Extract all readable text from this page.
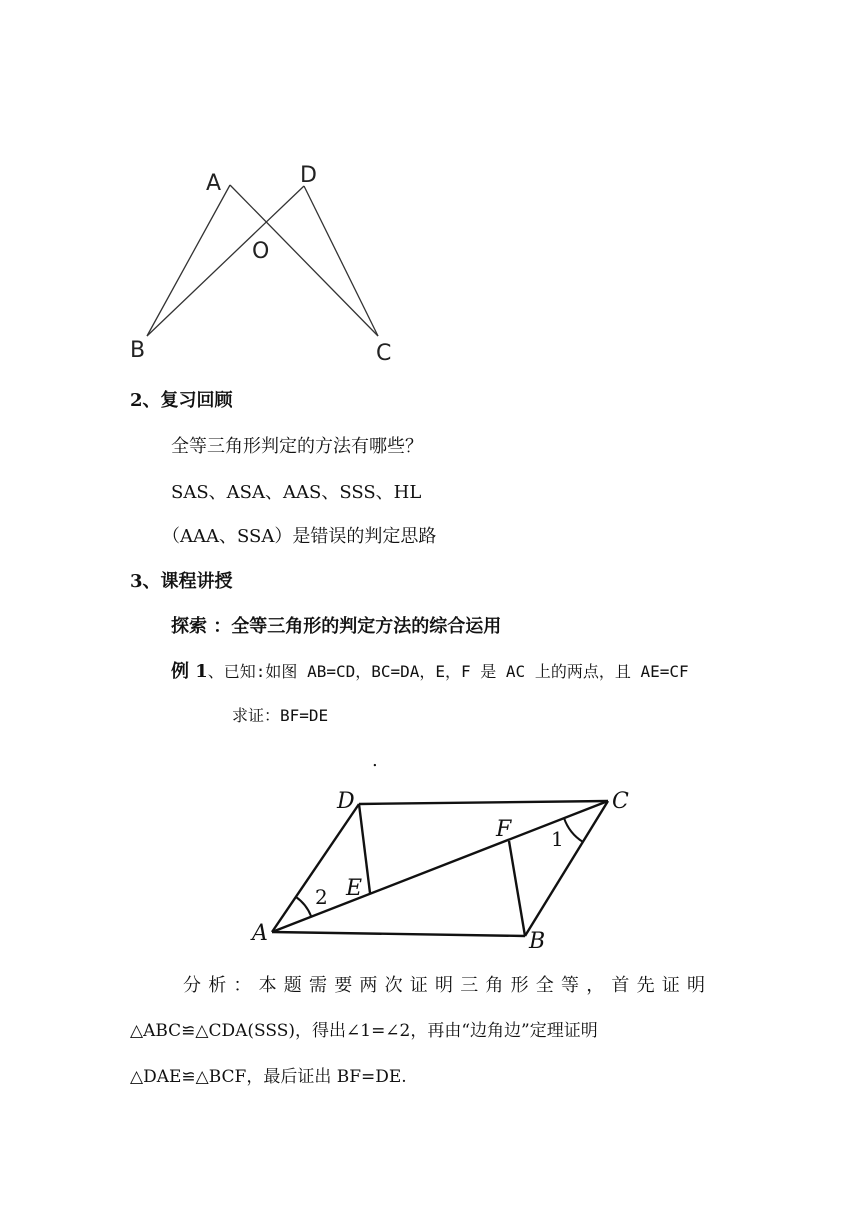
A	D
O
B	C
2、复习回顾
全等三角形判定的方法有哪些？
SAS、ASA、AAS、SSS、HL
（AAA、SSA）是错误的判定思路
3、课程讲授
探索 ：全等三角形的判定方法的综合运用
例 1、已知:如图 AB=CD，BC=DA，E，F 是 AC 上的两点，且 AE=CF
求证：BF=DE
.
D	C
F 1
E
2
A	B
分析：本题需要两次证明三角形全等，首先证明
△ABC≌△CDA(SSS)，得出∠1=∠2，再由“边角边”定理证明
△DAE≌△BCF，最后证出 BF=DE.
